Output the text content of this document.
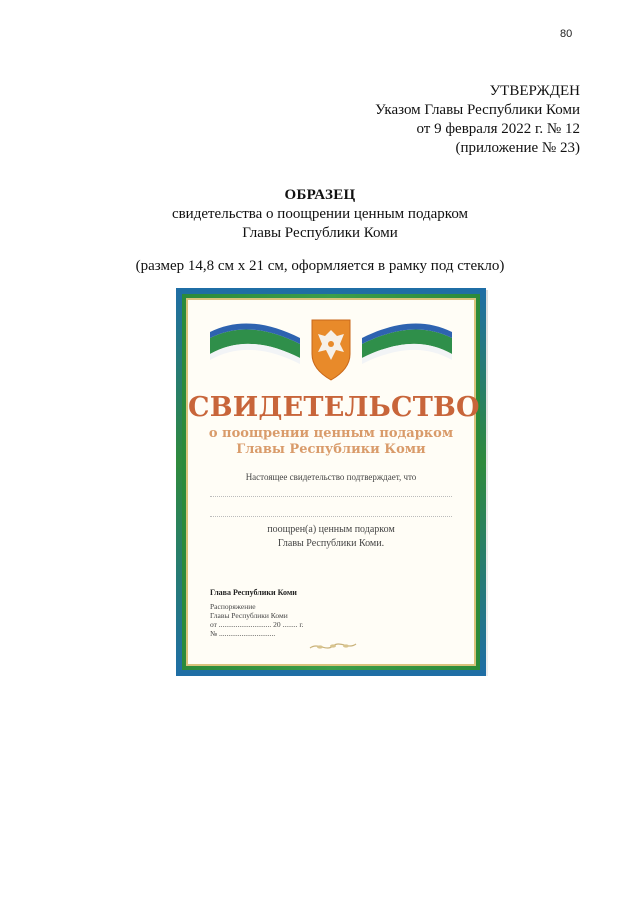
80
УТВЕРЖДЕН
Указом Главы Республики Коми
от 9 февраля 2022 г. № 12
(приложение № 23)
ОБРАЗЕЦ
свидетельства о поощрении ценным подарком
Главы Республики Коми
(размер 14,8 см x 21 см, оформляется в рамку под стекло)
СВИДЕТЕЛЬСТВО
о поощрении ценным подарком
Главы Республики Коми
Настоящее свидетельство подтверждает, что
поощрен(а) ценным подарком
Главы Республики Коми.
Глава Республики Коми
Распоряжение
Главы Республики Коми
от ............................ 20 ........ г.
№ ..............................
